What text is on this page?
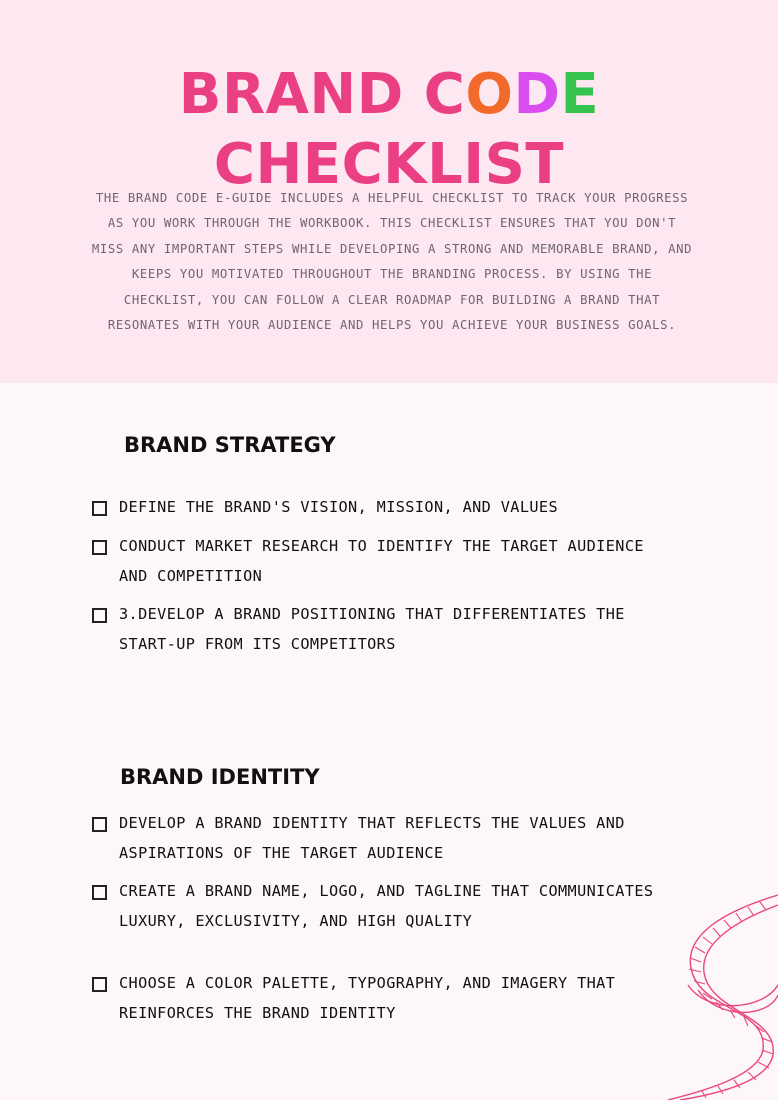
BRAND CODE CHECKLIST

THE BRAND CODE E-GUIDE INCLUDES A HELPFUL CHECKLIST TO TRACK YOUR PROGRESS AS YOU WORK THROUGH THE WORKBOOK. THIS CHECKLIST ENSURES THAT YOU DON'T MISS ANY IMPORTANT STEPS WHILE DEVELOPING A STRONG AND MEMORABLE BRAND, AND KEEPS YOU MOTIVATED THROUGHOUT THE BRANDING PROCESS. BY USING THE CHECKLIST, YOU CAN FOLLOW A CLEAR ROADMAP FOR BUILDING A BRAND THAT RESONATES WITH YOUR AUDIENCE AND HELPS YOU ACHIEVE YOUR BUSINESS GOALS.

BRAND STRATEGY
DEFINE THE BRAND'S VISION, MISSION, AND VALUES
CONDUCT MARKET RESEARCH TO IDENTIFY THE TARGET AUDIENCE AND COMPETITION
3.DEVELOP A BRAND POSITIONING THAT DIFFERENTIATES THE START-UP FROM ITS COMPETITORS
BRAND IDENTITY
DEVELOP A BRAND IDENTITY THAT REFLECTS THE VALUES AND ASPIRATIONS OF THE TARGET AUDIENCE
CREATE A BRAND NAME, LOGO, AND TAGLINE THAT COMMUNICATES LUXURY, EXCLUSIVITY, AND HIGH QUALITY
CHOOSE A COLOR PALETTE, TYPOGRAPHY, AND IMAGERY THAT REINFORCES THE BRAND IDENTITY
